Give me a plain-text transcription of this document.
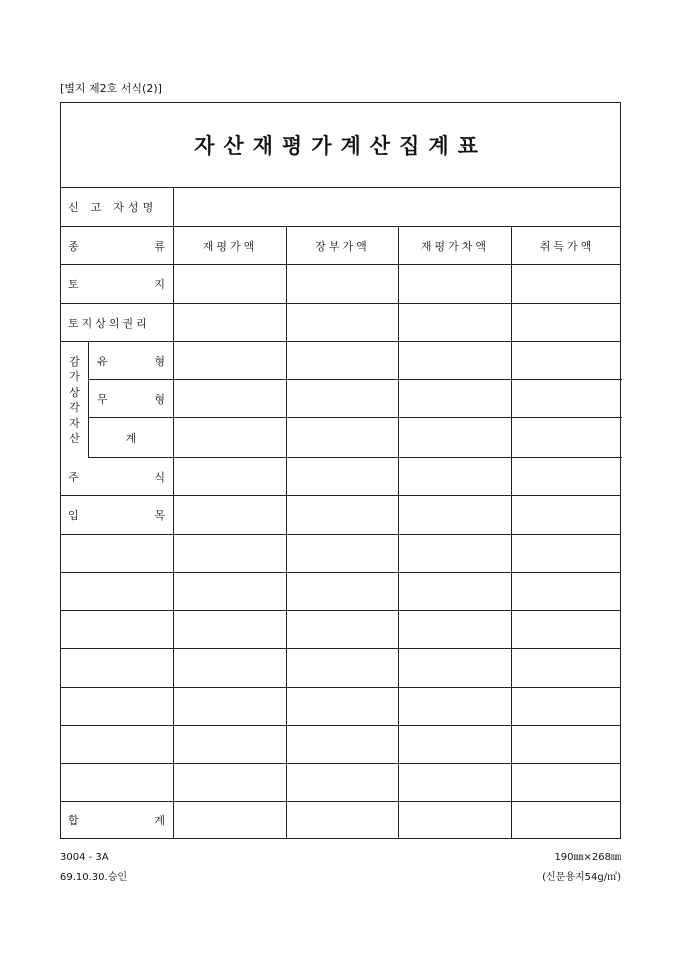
[별지 제2호 서식(2)]
자산재평가계산집계표
신 고 자 성 명
종	류	재평가액	장부가액	재평가차액	취득가액
토	지
토지상의권리
감
가
상
각
자
산
유	형
무	형
계
주	식
입	목
합	계
3004 - 3A
69.10.30.승인
190㎜×268㎜
(신문용지54g/㎡)
